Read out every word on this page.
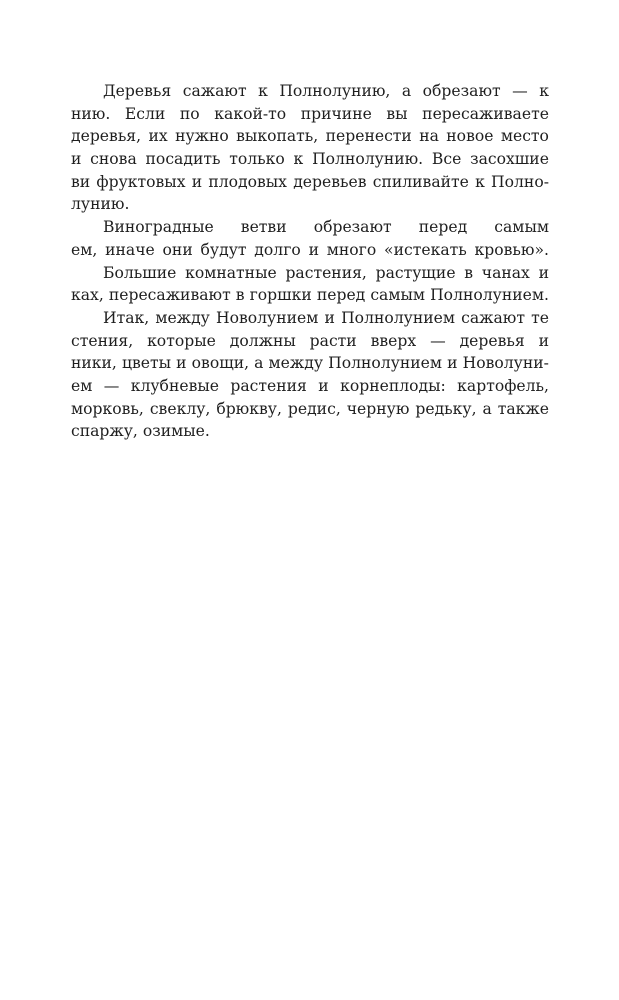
Деревья сажают к Полнолунию, а обрезают — к
нию. Если по какой-то причине вы пересаживаете
деревья, их нужно выкопать, перенести на новое место
и снова посадить только к Полнолунию. Все засохшие
ви фруктовых и плодовых деревьев спиливайте к Полно-
лунию.
Виноградные ветви обрезают перед самым
ем, иначе они будут долго и много «истекать кровью».
Большие комнатные растения, растущие в чанах и
ках, пересаживают в горшки перед самым Полнолунием.
Итак, между Новолунием и Полнолунием сажают те
стения, которые должны расти вверх — деревья и
ники, цветы и овощи, а между Полнолунием и Новолуни-
ем — клубневые растения и корнеплоды: картофель,
морковь, свеклу, брюкву, редис, черную редьку, а также
спаржу, озимые.
